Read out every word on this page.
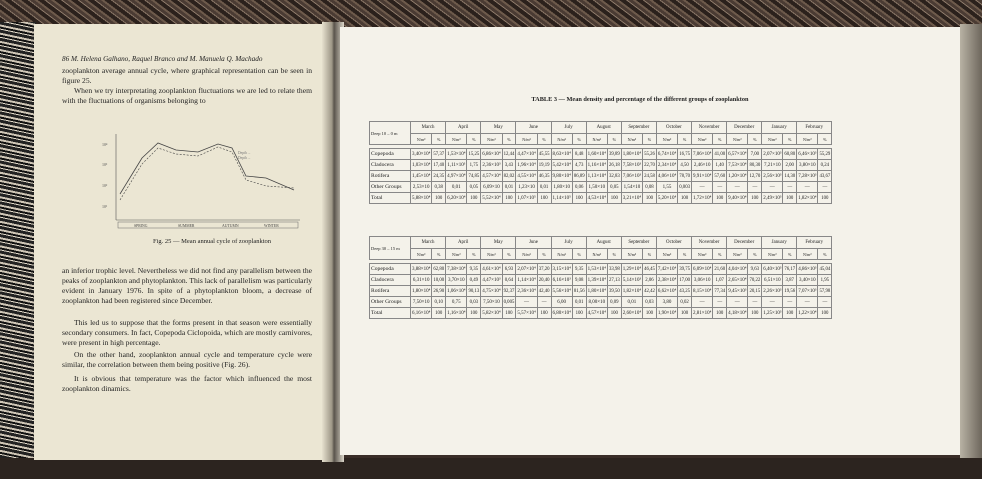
86 M. Helena Galhano, Raquel Branco and M. Manuela Q. Machado

zooplankton average annual cycle, where graphical representation can be seen in figure 25.

When we try interpretating zooplankton fluctuations we are led to relate them with the fluctuations of organisms belonging to

10⁴
10³
10²
10¹
Depth ...
Depth ...
SPRING	SUMMER	AUTUMN	WINTER
Fig. 25 — Mean annual cycle of zooplankton

an inferior trophic level. Nevertheless we did not find any parallelism between the peaks of zooplankton and phytoplankton. This lack of parallelism was particularly evident in January 1976. In spite of a phytoplankton bloom, a decrease of zooplankton had been registered since December.

This led us to suppose that the forms present in that season were essentially secondary consumers. In fact, Copepoda Ciclopoida, which are mostly carnivores, were present in high percentage.

On the other hand, zooplankton annual cycle and temperature cycle were similar, the correlation between them being positive (Fig. 26).

It is obvious that temperature was the factor which influenced the most zooplankton dinamics.

TABLE 3 — Mean density and percentage of the different groups of zooplankton
Deep 10 – 0 m	March		April		May		June		July		August		September		October		November		December		January		February	
	N/m³	%	N/m³	%	N/m³	%	N/m³	%	N/m³	%	N/m³	%	N/m³	%	N/m³	%	N/m³	%	N/m³	%	N/m³	%	N/m³	%

Copepoda	3,40×10⁴	57,37	1,53×10⁴	15,25	6,86×10⁴	12,44	4,47×10⁴	45,55	8,63×10⁴	8,48	1,60×10⁴	39,89	1,80×10⁴	55,26	6,74×10⁴	16,75	7,06×10⁴	41,00	6,57×10⁴	7,00	2,07×10³	60,80	6,46×10³	55,29
Cladocera	1,03×10⁴	17,40	1,11×10³	1,75	2,36×10³	3,43	1,96×10⁴	19,19	5,42×10⁴	4,73	1,16×10⁴	26,18	7,58×10³	22,70	2,34×10⁴	4,50	2,46×10	1,40	7,53×10⁴	80,30	7,21×10	2,00	3,80×10	0,24
Rotifera	1,45×10⁴	24,35	4,97×10⁴	74,85	4,57×10⁴	82,02	4,55×10⁴	46,35	9,80×10⁴	86,89	1,13×10⁴	32,83	7,06×10³	24,58	4,06×10⁴	78,70	9,91×10⁴	57,60	1,20×10⁴	12,70	2,56×10³	14,30	7,28×10³	43,67
Other Groups	2,53×10	0,38	0,01	0,05	6,09×10	0,01	1,23×10	0,01	1,80×10	0,06	1,50×10	0,05	1,54×10	0,08	1,55	0,003	—	—	—	—	—	—	—	—
Total	5,88×10⁴	100	6,20×10⁴	100	5,52×10⁴	100	1,07×10⁵	100	1,14×10⁵	100	4,53×10⁴	100	3,21×10⁴	100	5,20×10⁴	100	1,72×10⁴	100	9,40×10⁴	100	2,49×10³	100	1,82×10⁴	100
Deep 30 – 15 m	March		April		May		June		July		August		September		October		November		December		January		February	
	N/m³	%	N/m³	%	N/m³	%	N/m³	%	N/m³	%	N/m³	%	N/m³	%	N/m³	%	N/m³	%	N/m³	%	N/m³	%	N/m³	%

Copepoda	3,88×10⁴	62,80	7,38×10⁴	9,35	4,61×10⁴	6,93	2,07×10⁴	37,20	3,15×10⁴	9,35	1,53×10⁴	33,98	1,29×10⁴	46,45	7,42×10⁴	39,75	6,09×10⁴	21,60	4,04×10⁴	9,63	6,40×10³	76,17	4,86×10³	45,04
Cladocera	6,31×10	10,00	3,70×10	0,49	4,47×10³	0,64	1,14×10⁴	20,40	6,16×10³	9,08	1,39×10⁴	27,13	5,14×10³	2,06	2,38×10⁴	17,00	3,06×10	1,07	2,65×10⁴	70,22	6,51×10	3,87	3,40×10	1,95
Rotifera	1,80×10⁴	26,90	1,06×10⁴	90,13	4,75×10⁴	92,37	2,36×10⁴	42,40	5,56×10⁴	81,56	1,80×10⁴	39,50	1,82×10⁴	42,42	6,62×10⁴	43,25	8,15×10⁴	77,34	9,45×10³	20,15	2,26×10³	19,56	7,07×10³	57,98
Other Groups	7,50×10	0,10	0,75	0,03	7,50×10	0,005	—	—	6,00	0,01	8,00×10	0,09	0,01	0,03	3,80	0,02	—	—	—	—	—	—	—	—
Total	6,16×10⁴	100	1,16×10⁴	100	5,82×10⁴	100	5,57×10⁴	100	6,80×10⁴	100	4,57×10⁴	100	2,60×10⁴	100	1,90×10⁴	100	2,81×10⁴	100	4,18×10⁴	100	1,25×10³	100	1,22×10⁴	100
